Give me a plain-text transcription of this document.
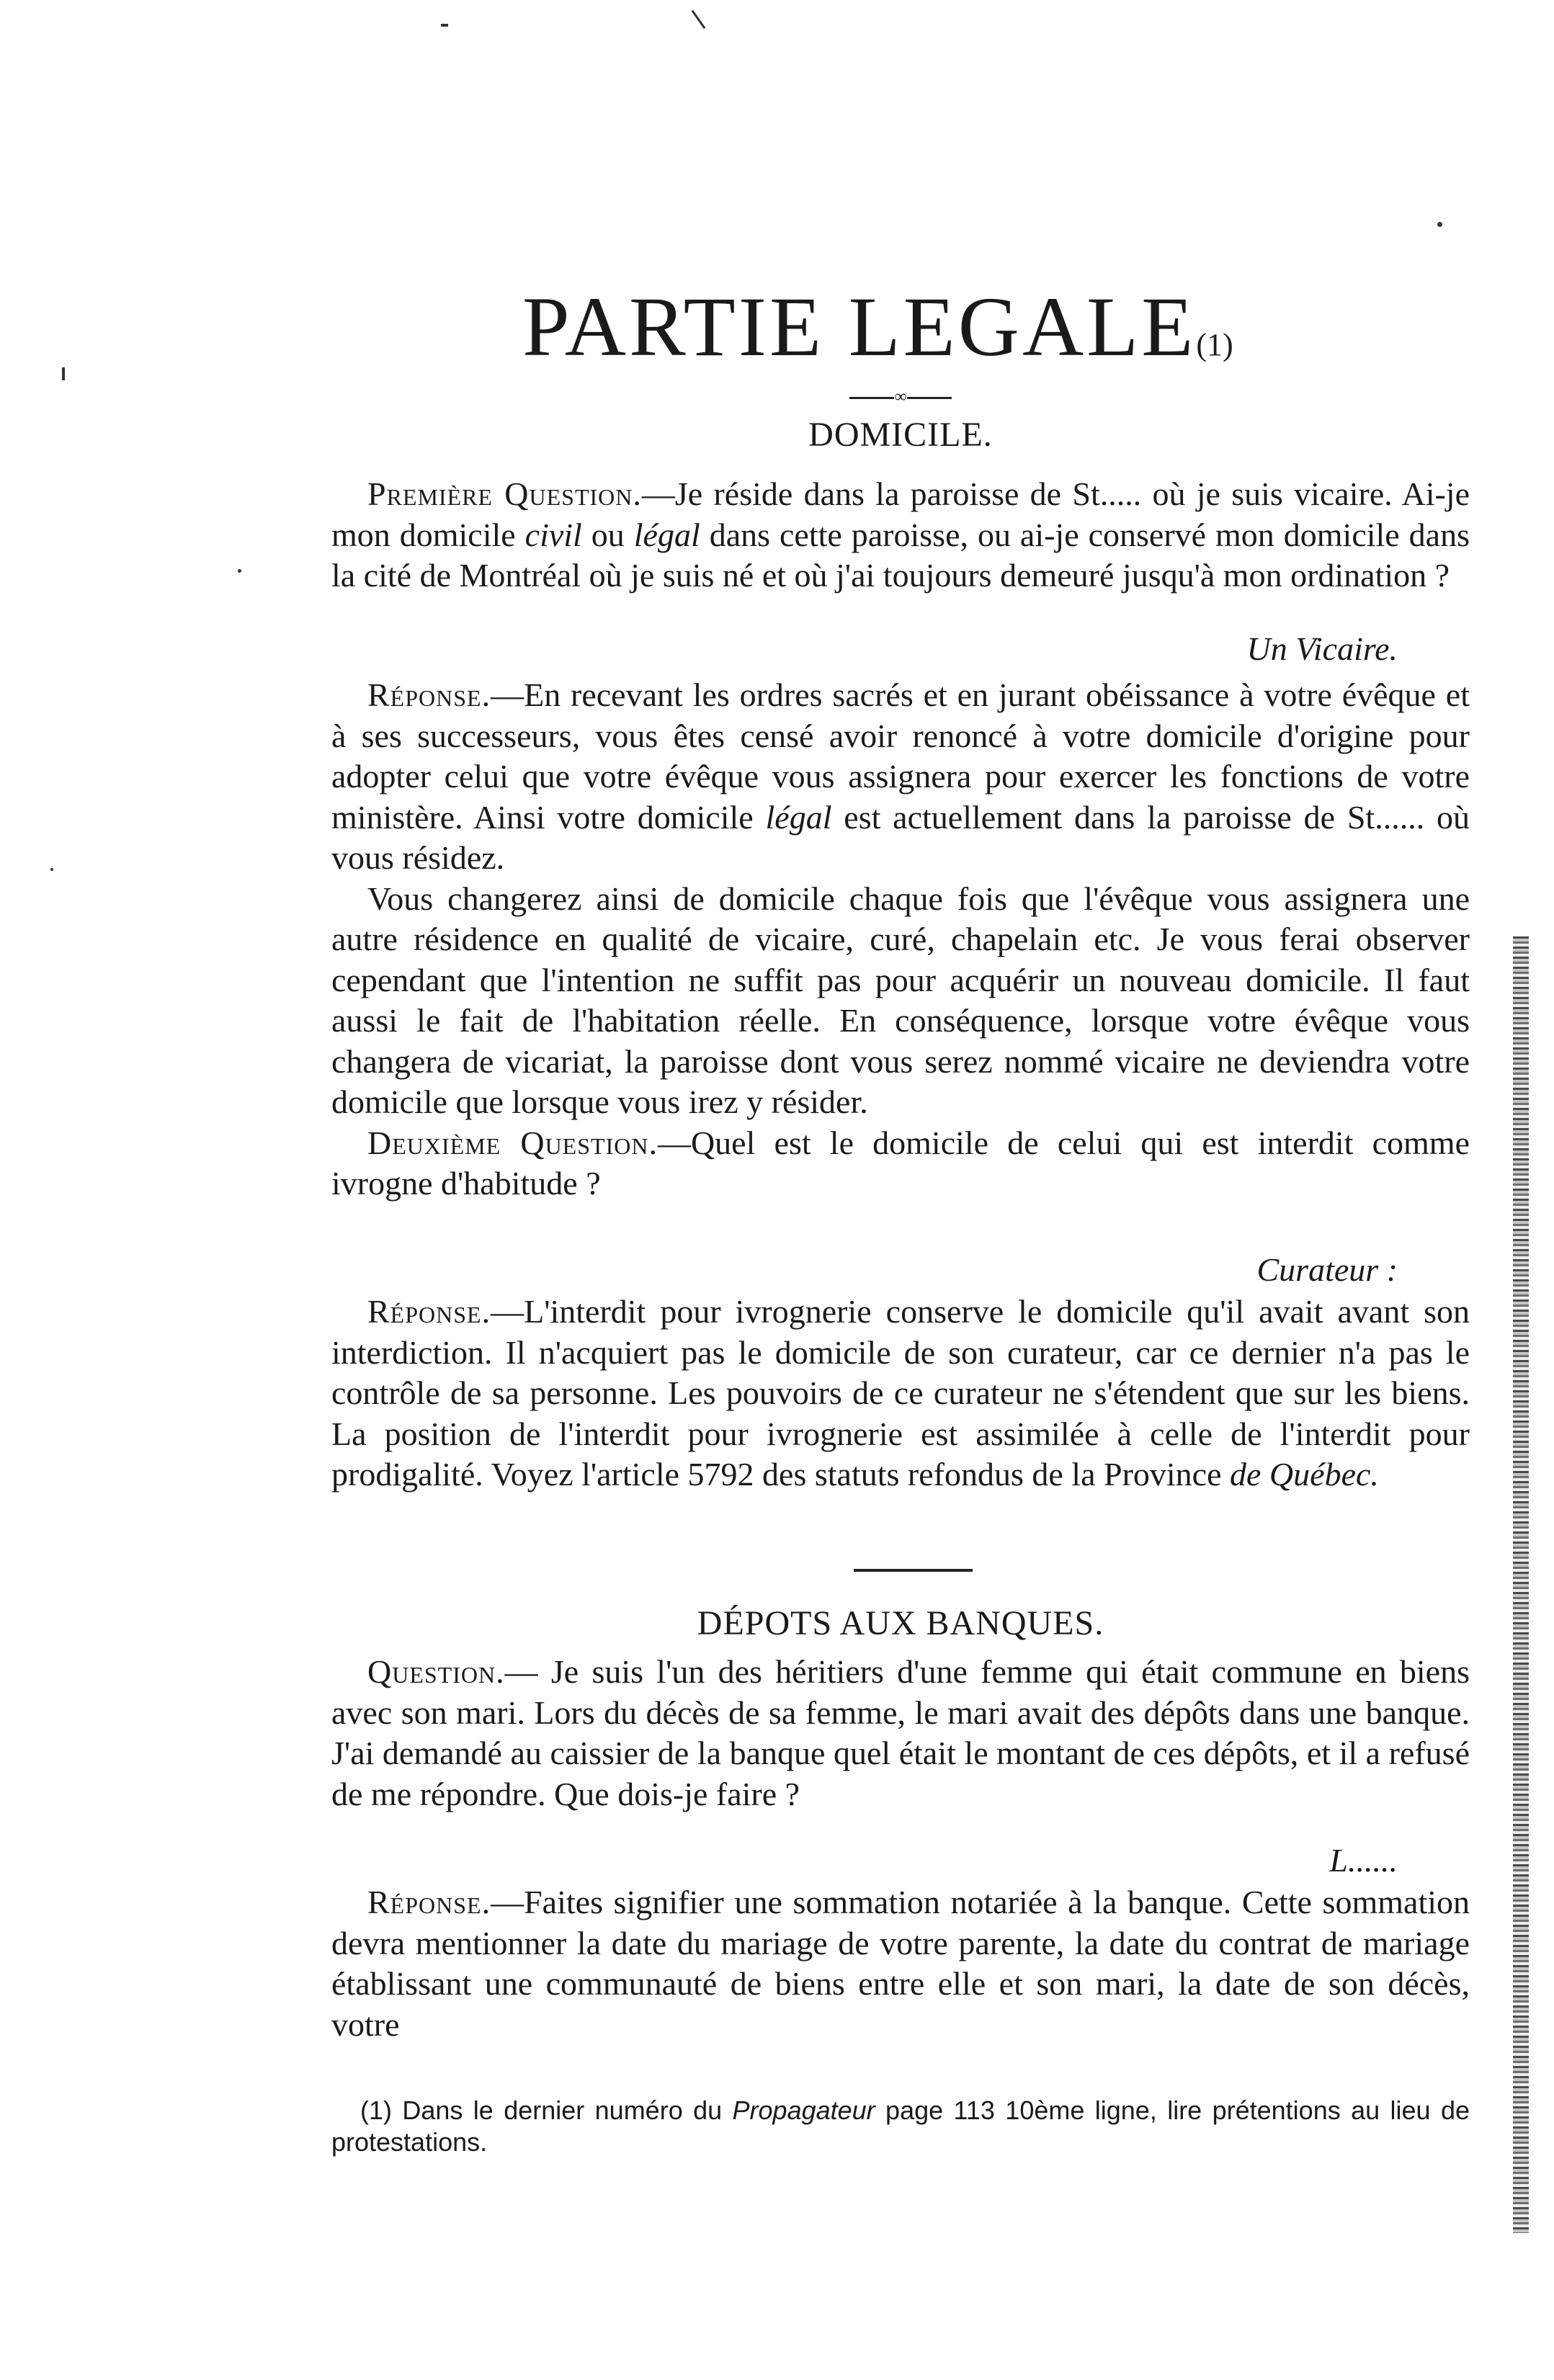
PARTIE LEGALE(1)
∞
DOMICILE.

Première Question.—Je réside dans la paroisse de St..... où je suis vicaire. Ai-je mon domicile civil ou légal dans cette paroisse, ou ai-je conservé mon domicile dans la cité de Montréal où je suis né et où j'ai toujours demeuré jusqu'à mon ordination ?

Un Vicaire.

Réponse.—En recevant les ordres sacrés et en jurant obéissance à votre évêque et à ses successeurs, vous êtes censé avoir renoncé à votre domicile d'origine pour adopter celui que votre évêque vous assignera pour exercer les fonctions de votre ministère. Ainsi votre domicile légal est actuellement dans la paroisse de St...... où vous résidez.

Vous changerez ainsi de domicile chaque fois que l'évêque vous assignera une autre résidence en qualité de vicaire, curé, chapelain etc. Je vous ferai observer cependant que l'intention ne suffit pas pour acquérir un nouveau domicile. Il faut aussi le fait de l'habitation réelle. En conséquence, lorsque votre évêque vous changera de vicariat, la paroisse dont vous serez nommé vicaire ne deviendra votre domicile que lorsque vous irez y résider.

Deuxième Question.—Quel est le domicile de celui qui est interdit comme ivrogne d'habitude ?

Curateur :

Réponse.—L'interdit pour ivrognerie conserve le domicile qu'il avait avant son interdiction. Il n'acquiert pas le domicile de son curateur, car ce dernier n'a pas le contrôle de sa personne. Les pouvoirs de ce curateur ne s'étendent que sur les biens. La position de l'interdit pour ivrognerie est assimilée à celle de l'interdit pour prodigalité. Voyez l'article 5792 des statuts refondus de la Province de Québec.

DÉPOTS AUX BANQUES.

Question.— Je suis l'un des héritiers d'une femme qui était commune en biens avec son mari. Lors du décès de sa femme, le mari avait des dépôts dans une banque. J'ai demandé au caissier de la banque quel était le montant de ces dépôts, et il a refusé de me répondre. Que dois-je faire ?

L......

Réponse.—Faites signifier une sommation notariée à la banque. Cette sommation devra mentionner la date du mariage de votre parente, la date du contrat de mariage établissant une communauté de biens entre elle et son mari, la date de son décès, votre

(1) Dans le dernier numéro du Propagateur page 113 10ème ligne, lire prétentions au lieu de protestations.
